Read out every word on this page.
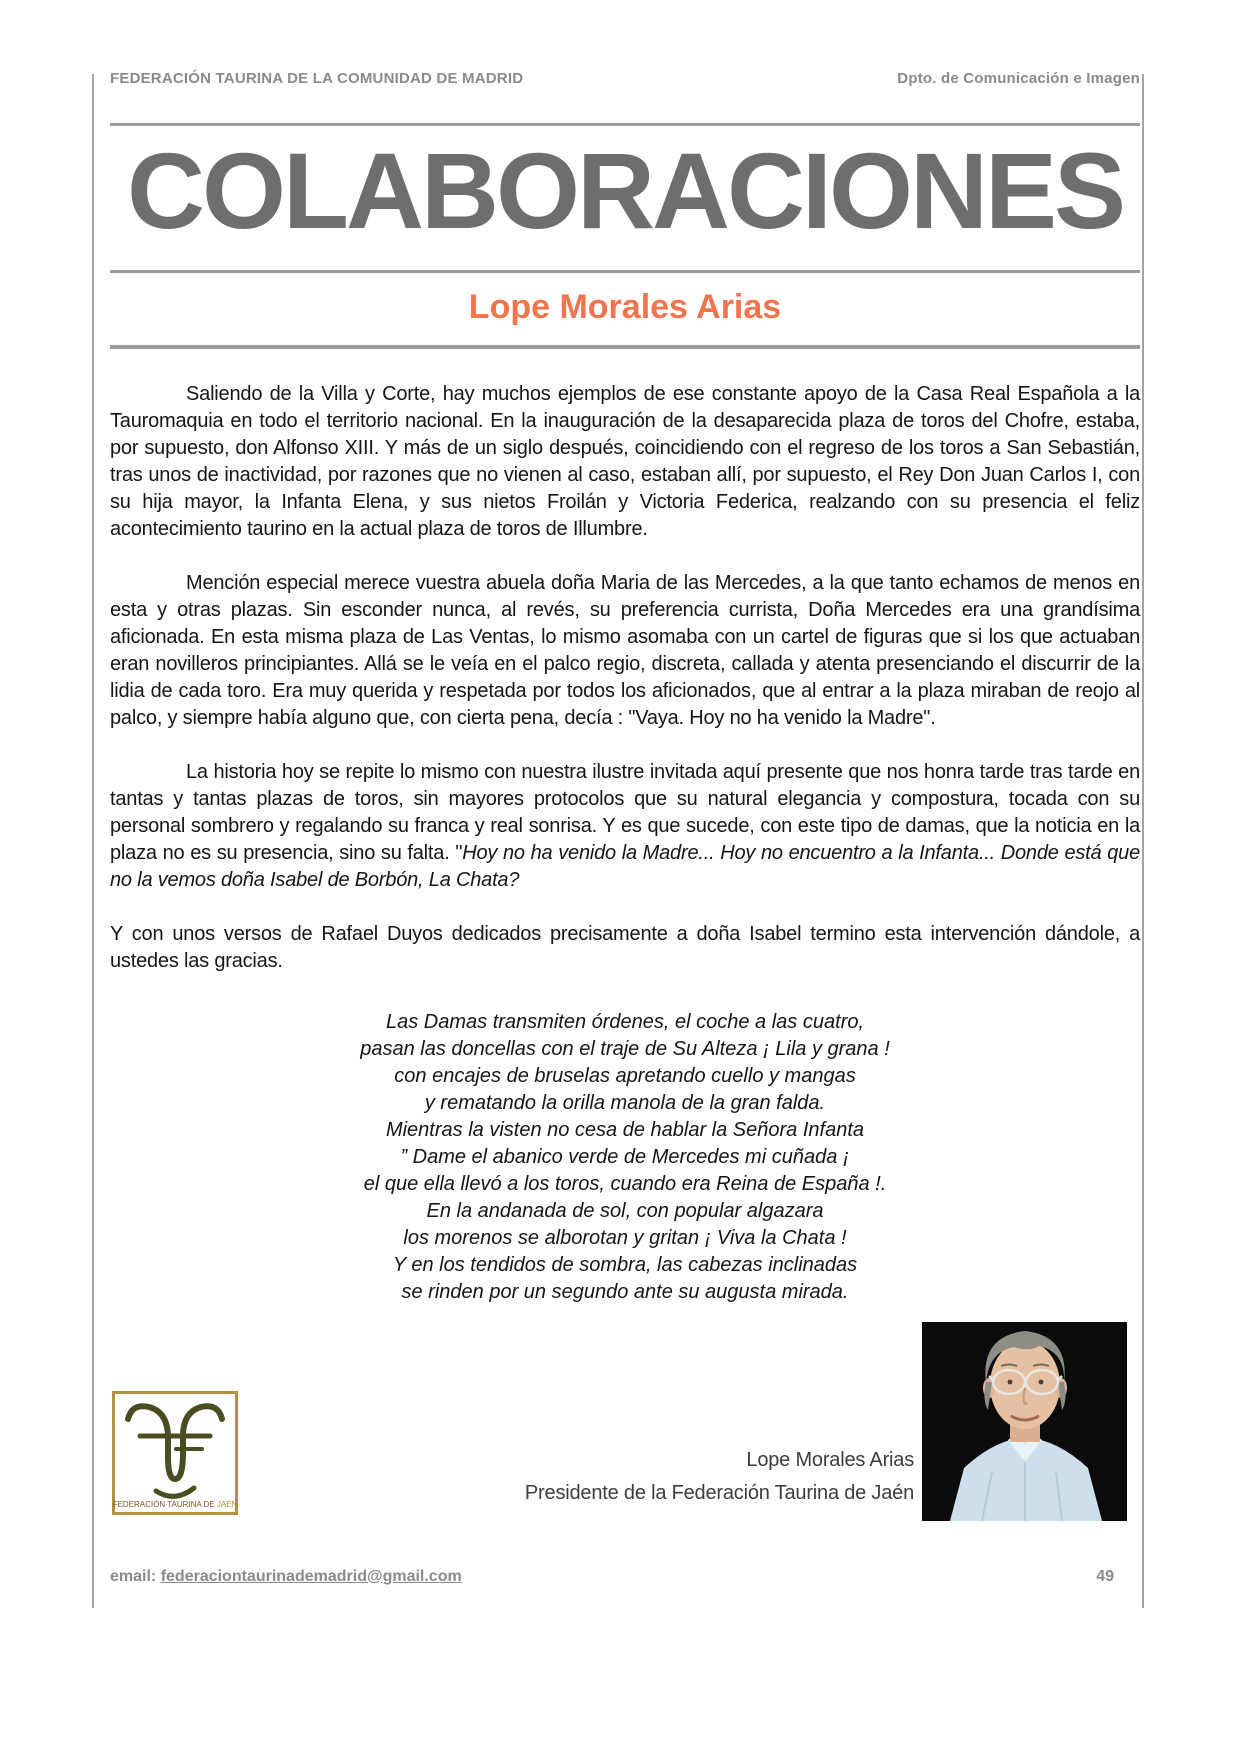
FEDERACIÓN TAURINA DE LA COMUNIDAD DE MADRID	Dpto. de Comunicación e Imagen
COLABORACIONES
Lope Morales Arias

Saliendo de la Villa y Corte, hay muchos ejemplos de ese constante apoyo de la Casa Real Española a la Tauromaquia en todo el territorio nacional. En la inauguración de la desaparecida plaza de toros del Chofre, estaba, por supuesto, don Alfonso XIII. Y más de un siglo después, coincidiendo con el regreso de los toros a San Sebastián, tras unos de inactividad, por razones que no vienen al caso, estaban allí, por supuesto, el Rey Don Juan Carlos I, con su hija mayor, la Infanta Elena, y sus nietos Froilán y Victoria Federica, realzando con su presencia el feliz acontecimiento taurino en la actual plaza de toros de Illumbre.

Mención especial merece vuestra abuela doña Maria de las Mercedes, a la que tanto echamos de menos en esta y otras plazas. Sin esconder nunca, al revés, su preferencia currista, Doña Mercedes era una grandísima aficionada. En esta misma plaza de Las Ventas, lo mismo asomaba con un cartel de figuras que si los que actuaban eran novilleros principiantes. Allá se le veía en el palco regio, discreta, callada y atenta presenciando el discurrir de la lidia de cada toro. Era muy querida y respetada por todos los aficionados, que al entrar a la plaza miraban de reojo al palco, y siempre había alguno que, con cierta pena, decía : "Vaya. Hoy no ha venido la Madre".

La historia hoy se repite lo mismo con nuestra ilustre invitada aquí presente que nos honra tarde tras tarde en tantas y tantas plazas de toros, sin mayores protocolos que su natural elegancia y compostura, tocada con su personal sombrero y regalando su franca y real sonrisa. Y es que sucede, con este tipo de damas, que la noticia en la plaza no es su presencia, sino su falta. "Hoy no ha venido la Madre... Hoy no encuentro a la Infanta... Donde está que no la vemos doña Isabel de Borbón, La Chata?

Y con unos versos de Rafael Duyos dedicados precisamente a doña Isabel termino esta intervención dándole, a ustedes las gracias.

Las Damas transmiten órdenes, el coche a las cuatro,
pasan las doncellas con el traje de Su Alteza ¡ Lila y grana !
con encajes de bruselas apretando cuello y mangas
y rematando la orilla manola de la gran falda.
Mientras la visten no cesa de hablar la Señora Infanta
” Dame el abanico verde de Mercedes mi cuñada ¡
el que ella llevó a los toros, cuando era Reina de España !.
En la andanada de sol, con popular algazara
los morenos se alborotan y gritan ¡ Viva la Chata !
Y en los tendidos de sombra, las cabezas inclinadas
se rinden por un segundo ante su augusta mirada.
FEDERACIÓN TAURINA DE JAÉN
Lope Morales Arias
Presidente de la Federación Taurina de Jaén
email: federaciontaurinademadrid@gmail.com	49
